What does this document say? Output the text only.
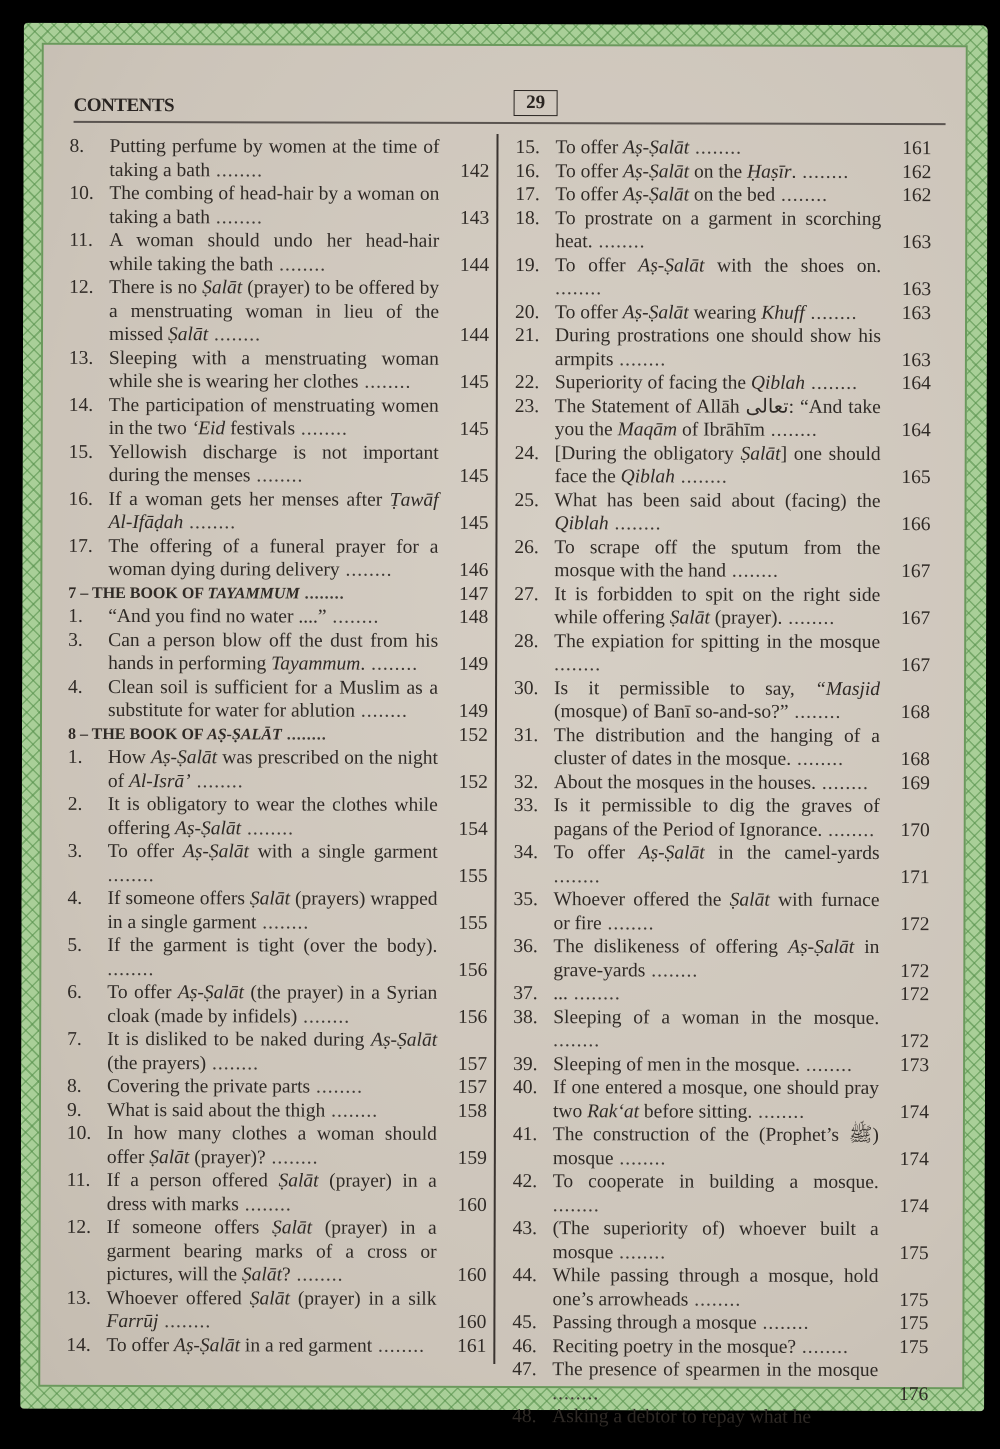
CONTENTS	29
8. Putting perfume by women at the time of taking a bath ........	142
10. The combing of head-hair by a woman on taking a bath ........	143
11. A woman should undo her head-hair while taking the bath ........	144
12. There is no Ṣalāt (prayer) to be offered by a menstruating woman in lieu of the missed Ṣalāt ........	144
13. Sleeping with a menstruating woman while she is wearing her clothes ........	145
14. The participation of menstruating women in the two ‘Eid festivals ........	145
15. Yellowish discharge is not important during the menses ........	145
16. If a woman gets her menses after Ṭawāf Al-Ifāḍah ........	145
17. The offering of a funeral prayer for a woman dying during delivery ........	146
7 – THE BOOK OF TAYAMMUM ........	147
1. “And you find no water ....” ........	148
3. Can a person blow off the dust from his hands in performing Tayammum. ........	149
4. Clean soil is sufficient for a Muslim as a substitute for water for ablution ........	149
8 – THE BOOK OF AṢ-ṢALĀT ........	152
1. How Aṣ-Ṣalāt was prescribed on the night of Al-Isrā’ ........	152
2. It is obligatory to wear the clothes while offering Aṣ-Ṣalāt ........	154
3. To offer Aṣ-Ṣalāt with a single garment ........	155
4. If someone offers Ṣalāt (prayers) wrapped in a single garment ........	155
5. If the garment is tight (over the body). ........	156
6. To offer Aṣ-Ṣalāt (the prayer) in a Syrian cloak (made by infidels) ........	156
7. It is disliked to be naked during Aṣ-Ṣalāt (the prayers) ........	157
8. Covering the private parts ........	157
9. What is said about the thigh ........	158
10. In how many clothes a woman should offer Ṣalāt (prayer)? ........	159
11. If a person offered Ṣalāt (prayer) in a dress with marks ........	160
12. If someone offers Ṣalāt (prayer) in a garment bearing marks of a cross or pictures, will the Ṣalāt? ........	160
13. Whoever offered Ṣalāt (prayer) in a silk Farrūj ........	160
14. To offer Aṣ-Ṣalāt in a red garment ........	161
15. To offer Aṣ-Ṣalāt ........	161
16. To offer Aṣ-Ṣalāt on the Ḥaṣīr. ........	162
17. To offer Aṣ-Ṣalāt on the bed ........	162
18. To prostrate on a garment in scorching heat. ........	163
19. To offer Aṣ-Ṣalāt with the shoes on. ........	163
20. To offer Aṣ-Ṣalāt wearing Khuff ........	163
21. During prostrations one should show his armpits ........	163
22. Superiority of facing the Qiblah ........	164
23. The Statement of Allāh تعالى: “And take you the Maqām of Ibrāhīm ........	164
24. [During the obligatory Ṣalāt] one should face the Qiblah ........	165
25. What has been said about (facing) the Qiblah ........	166
26. To scrape off the sputum from the mosque with the hand ........	167
27. It is forbidden to spit on the right side while offering Ṣalāt (prayer). ........	167
28. The expiation for spitting in the mosque ........	167
30. Is it permissible to say, “Masjid (mosque) of Banī so-and-so?” ........	168
31. The distribution and the hanging of a cluster of dates in the mosque. ........	168
32. About the mosques in the houses. ........	169
33. Is it permissible to dig the graves of pagans of the Period of Ignorance. ........ 170
34. To offer Aṣ-Ṣalāt in the camel-yards ........	171
35. Whoever offered the Ṣalāt with furnace or fire ........	172
36. The dislikeness of offering Aṣ-Ṣalāt in grave-yards ........	172
37. ... ........	172
38. Sleeping of a woman in the mosque. ........	172
39. Sleeping of men in the mosque. ........	173
40. If one entered a mosque, one should pray two Rak‘at before sitting. ........	174
41. The construction of the (Prophet’s ﷺ) mosque ........	174
42. To cooperate in building a mosque. ........	174
43. (The superiority of) whoever built a mosque ........	175
44. While passing through a mosque, hold one’s arrowheads ........	175
45. Passing through a mosque ........	175
46. Reciting poetry in the mosque? ........	175
47. The presence of spearmen in the mosque ........	176
48. Asking a debtor to repay what he
